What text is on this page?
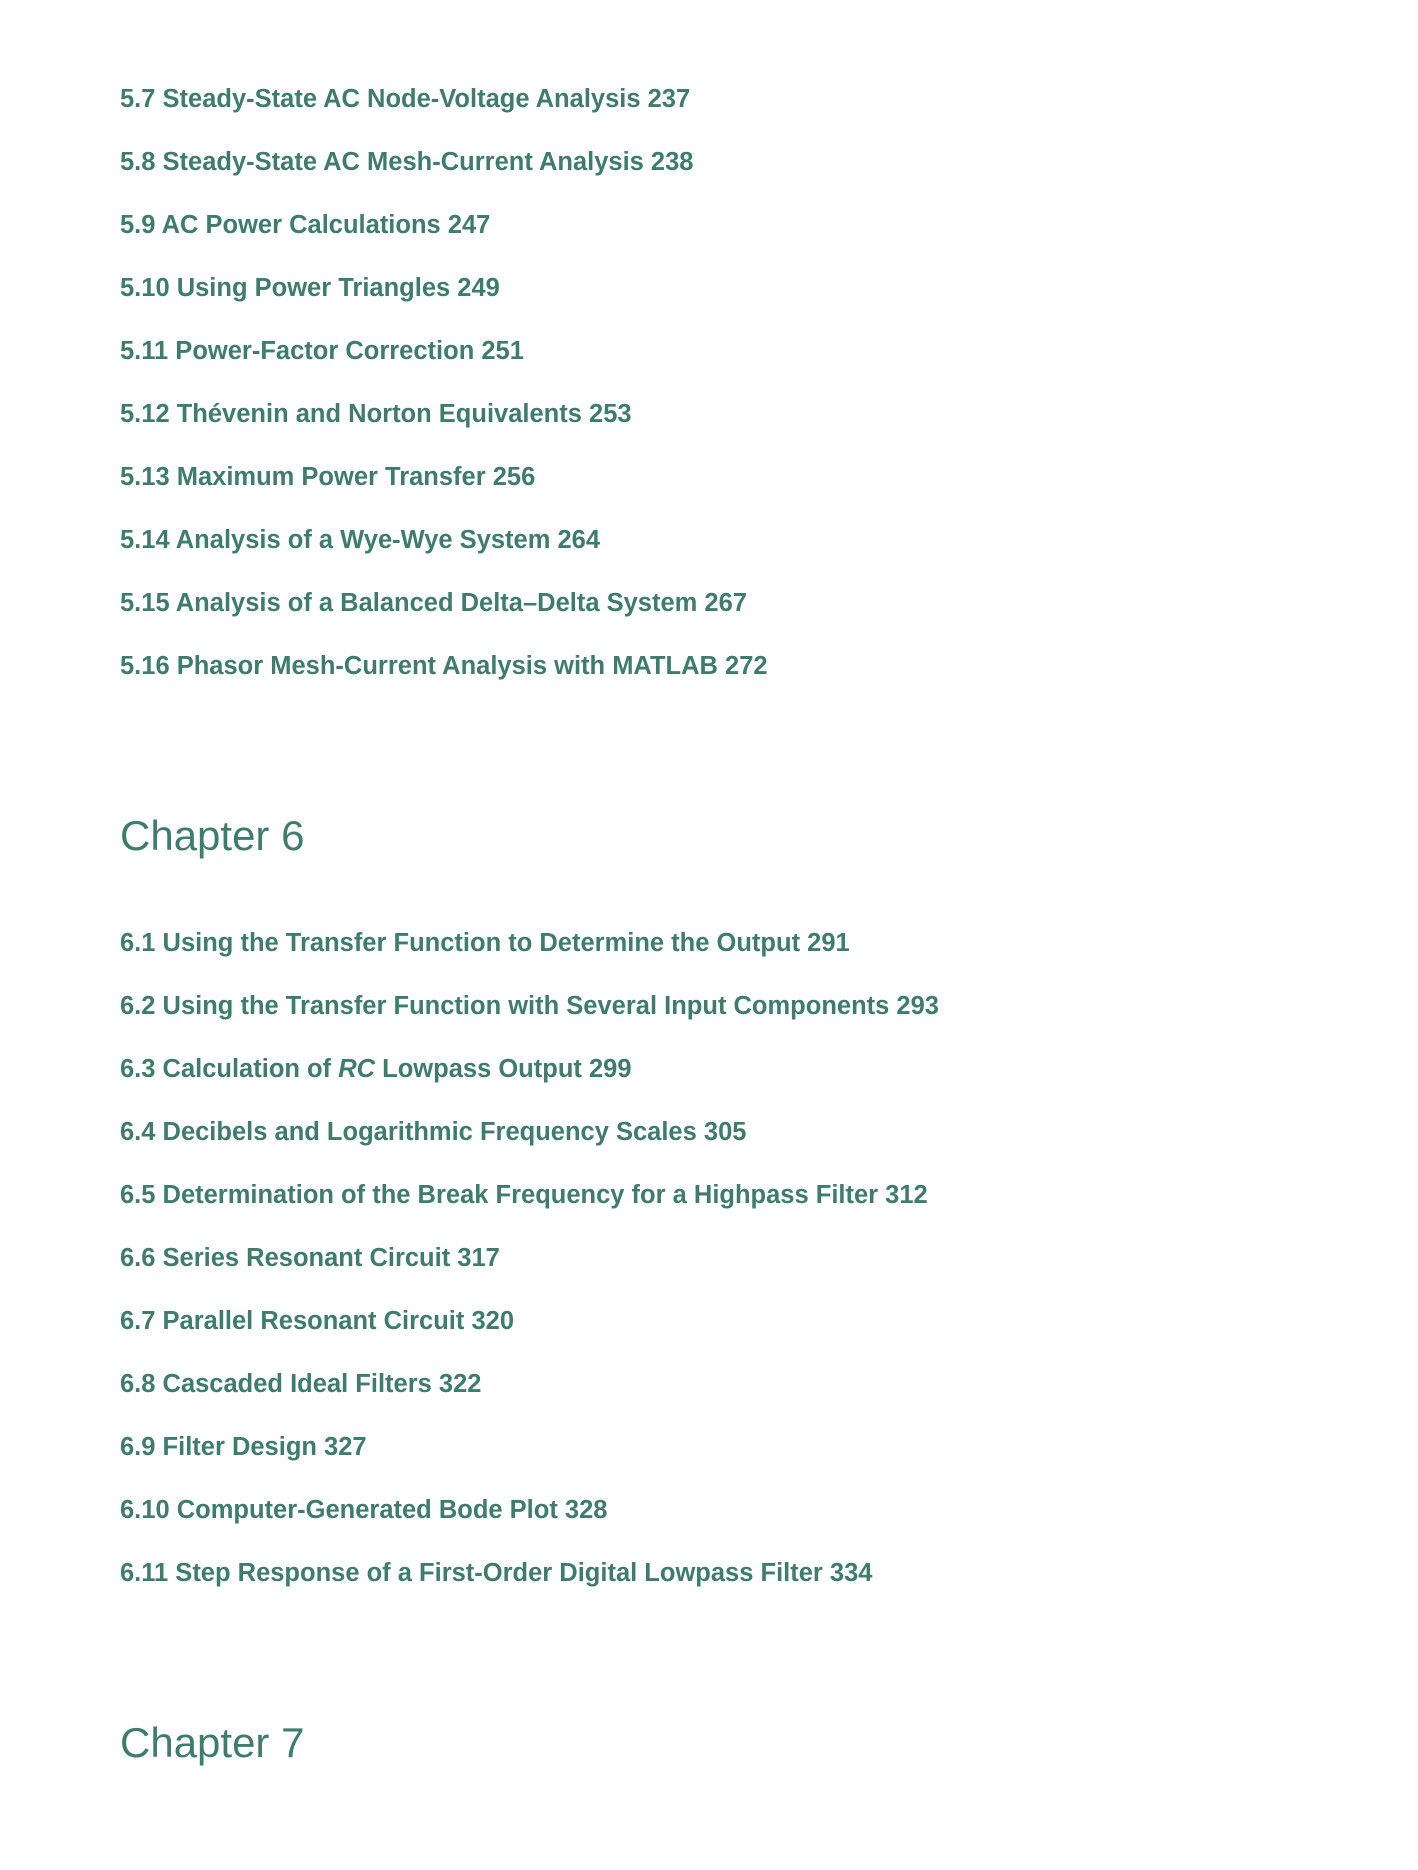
5.7 Steady-State AC Node-Voltage Analysis 237
5.8 Steady-State AC Mesh-Current Analysis 238
5.9 AC Power Calculations 247
5.10 Using Power Triangles 249
5.11 Power-Factor Correction 251
5.12 Thévenin and Norton Equivalents 253
5.13 Maximum Power Transfer 256
5.14 Analysis of a Wye-Wye System 264
5.15 Analysis of a Balanced Delta–Delta System 267
5.16 Phasor Mesh-Current Analysis with MATLAB 272
Chapter 6
6.1 Using the Transfer Function to Determine the Output 291
6.2 Using the Transfer Function with Several Input Components 293
6.3 Calculation of RC Lowpass Output 299
6.4 Decibels and Logarithmic Frequency Scales 305
6.5 Determination of the Break Frequency for a Highpass Filter 312
6.6 Series Resonant Circuit 317
6.7 Parallel Resonant Circuit 320
6.8 Cascaded Ideal Filters 322
6.9 Filter Design 327
6.10 Computer-Generated Bode Plot 328
6.11 Step Response of a First-Order Digital Lowpass Filter 334
Chapter 7
